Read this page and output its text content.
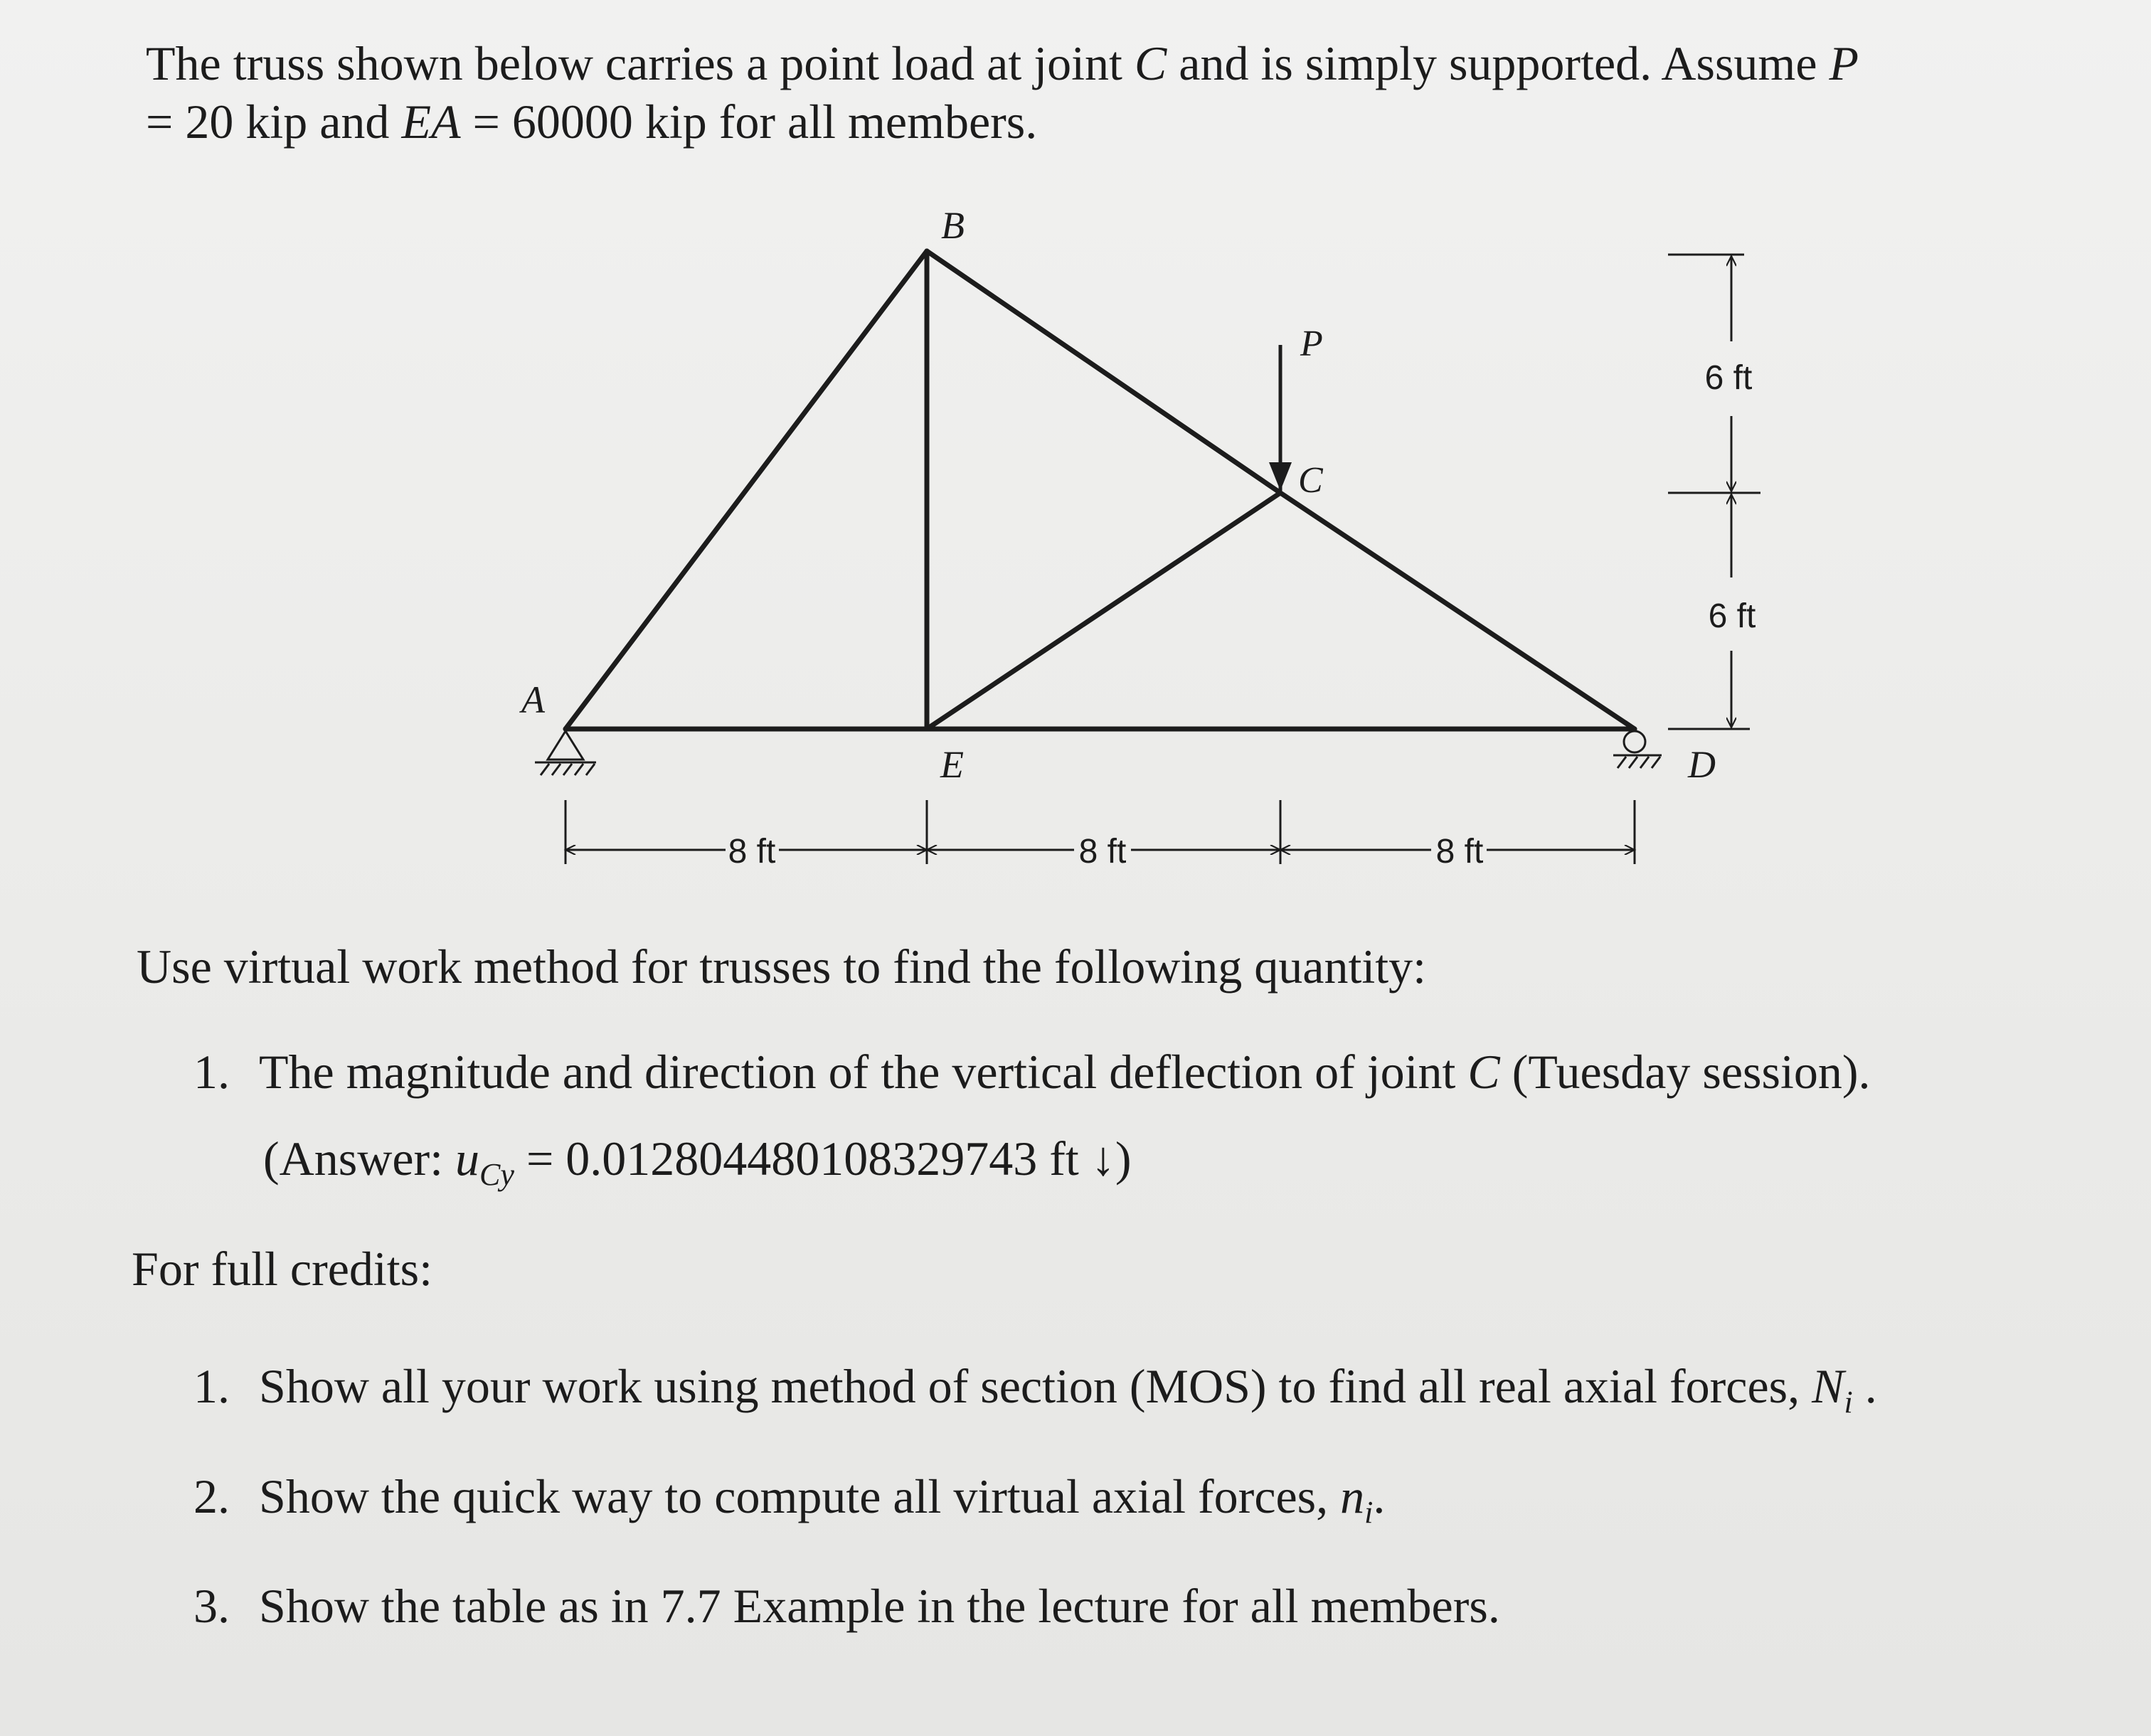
The truss shown below carries a point load at joint C and is simply supported. Assume P
= 20 kip and EA = 60000 kip for all members.
P
B
C
A
E	D
8 ft	8 ft	8 ft
6 ft
6 ft
Use virtual work method for trusses to find the following quantity:
1. The magnitude and direction of the vertical deflection of joint C (Tuesday session).
(Answer: $u_{Cy} = 0.012804480108329743$ ft ↓)
For full credits:
1. Show all your work using method of section (MOS) to find all real axial forces, $N_i$ .
2. Show the quick way to compute all virtual axial forces, $n_i$.
3. Show the table as in 7.7 Example in the lecture for all members.
